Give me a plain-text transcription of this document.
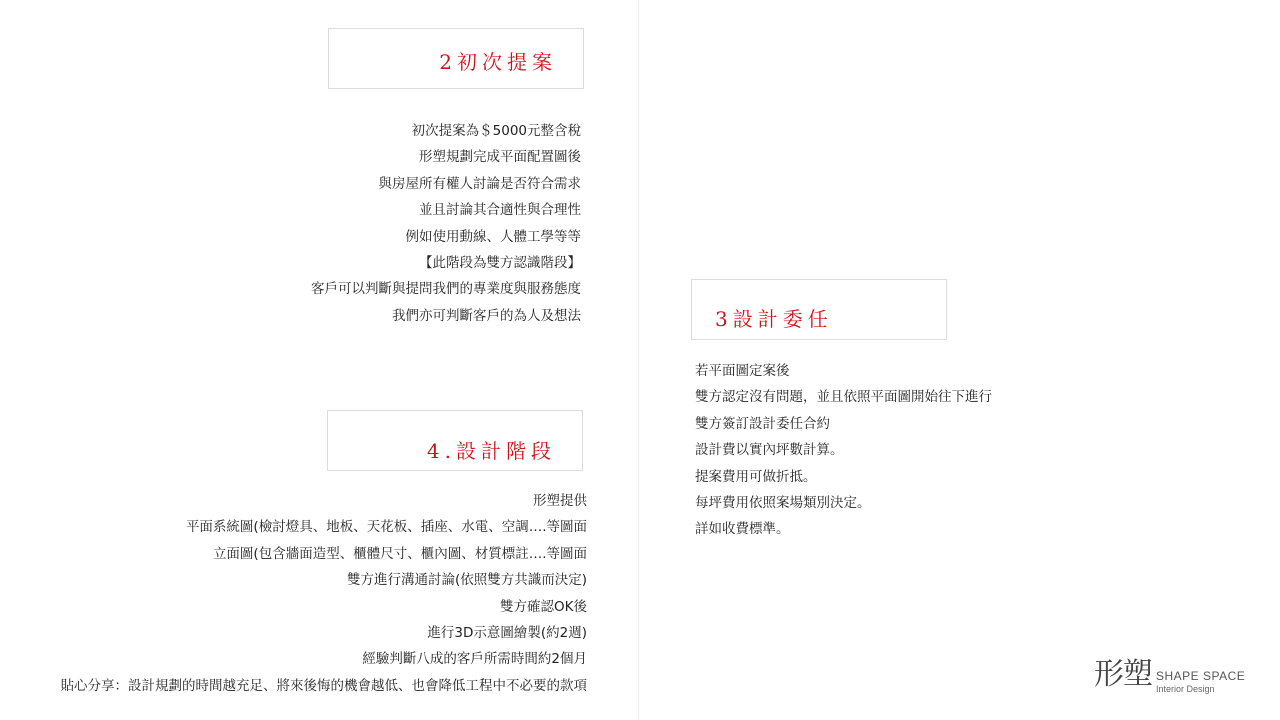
2初次提案
初次提案為＄5000元整含稅
形塑規劃完成平面配置圖後
與房屋所有權人討論是否符合需求
並且討論其合適性與合理性
例如使用動線、人體工學等等
【此階段為雙方認識階段】
客戶可以判斷與提問我們的專業度與服務態度
我們亦可判斷客戶的為人及想法
4.設計階段
形塑提供
平面系統圖(檢討燈具、地板、天花板、插座、水電、空調….等圖面
立面圖(包含牆面造型、櫃體尺寸、櫃內圖、材質標註….等圖面
雙方進行溝通討論(依照雙方共識而決定)
雙方確認OK後
進行3D示意圖繪製(約2週)
經驗判斷八成的客戶所需時間約2個月
貼心分享：設計規劃的時間越充足、將來後悔的機會越低、也會降低工程中不必要的款項
3設計委任
若平面圖定案後
雙方認定沒有問題，並且依照平面圖開始往下進行
雙方簽訂設計委任合約
設計費以實內坪數計算。
提案費用可做折抵。
每坪費用依照案場類別決定。
詳如收費標準。
形塑 SHAPE SPACE
Interior Design
